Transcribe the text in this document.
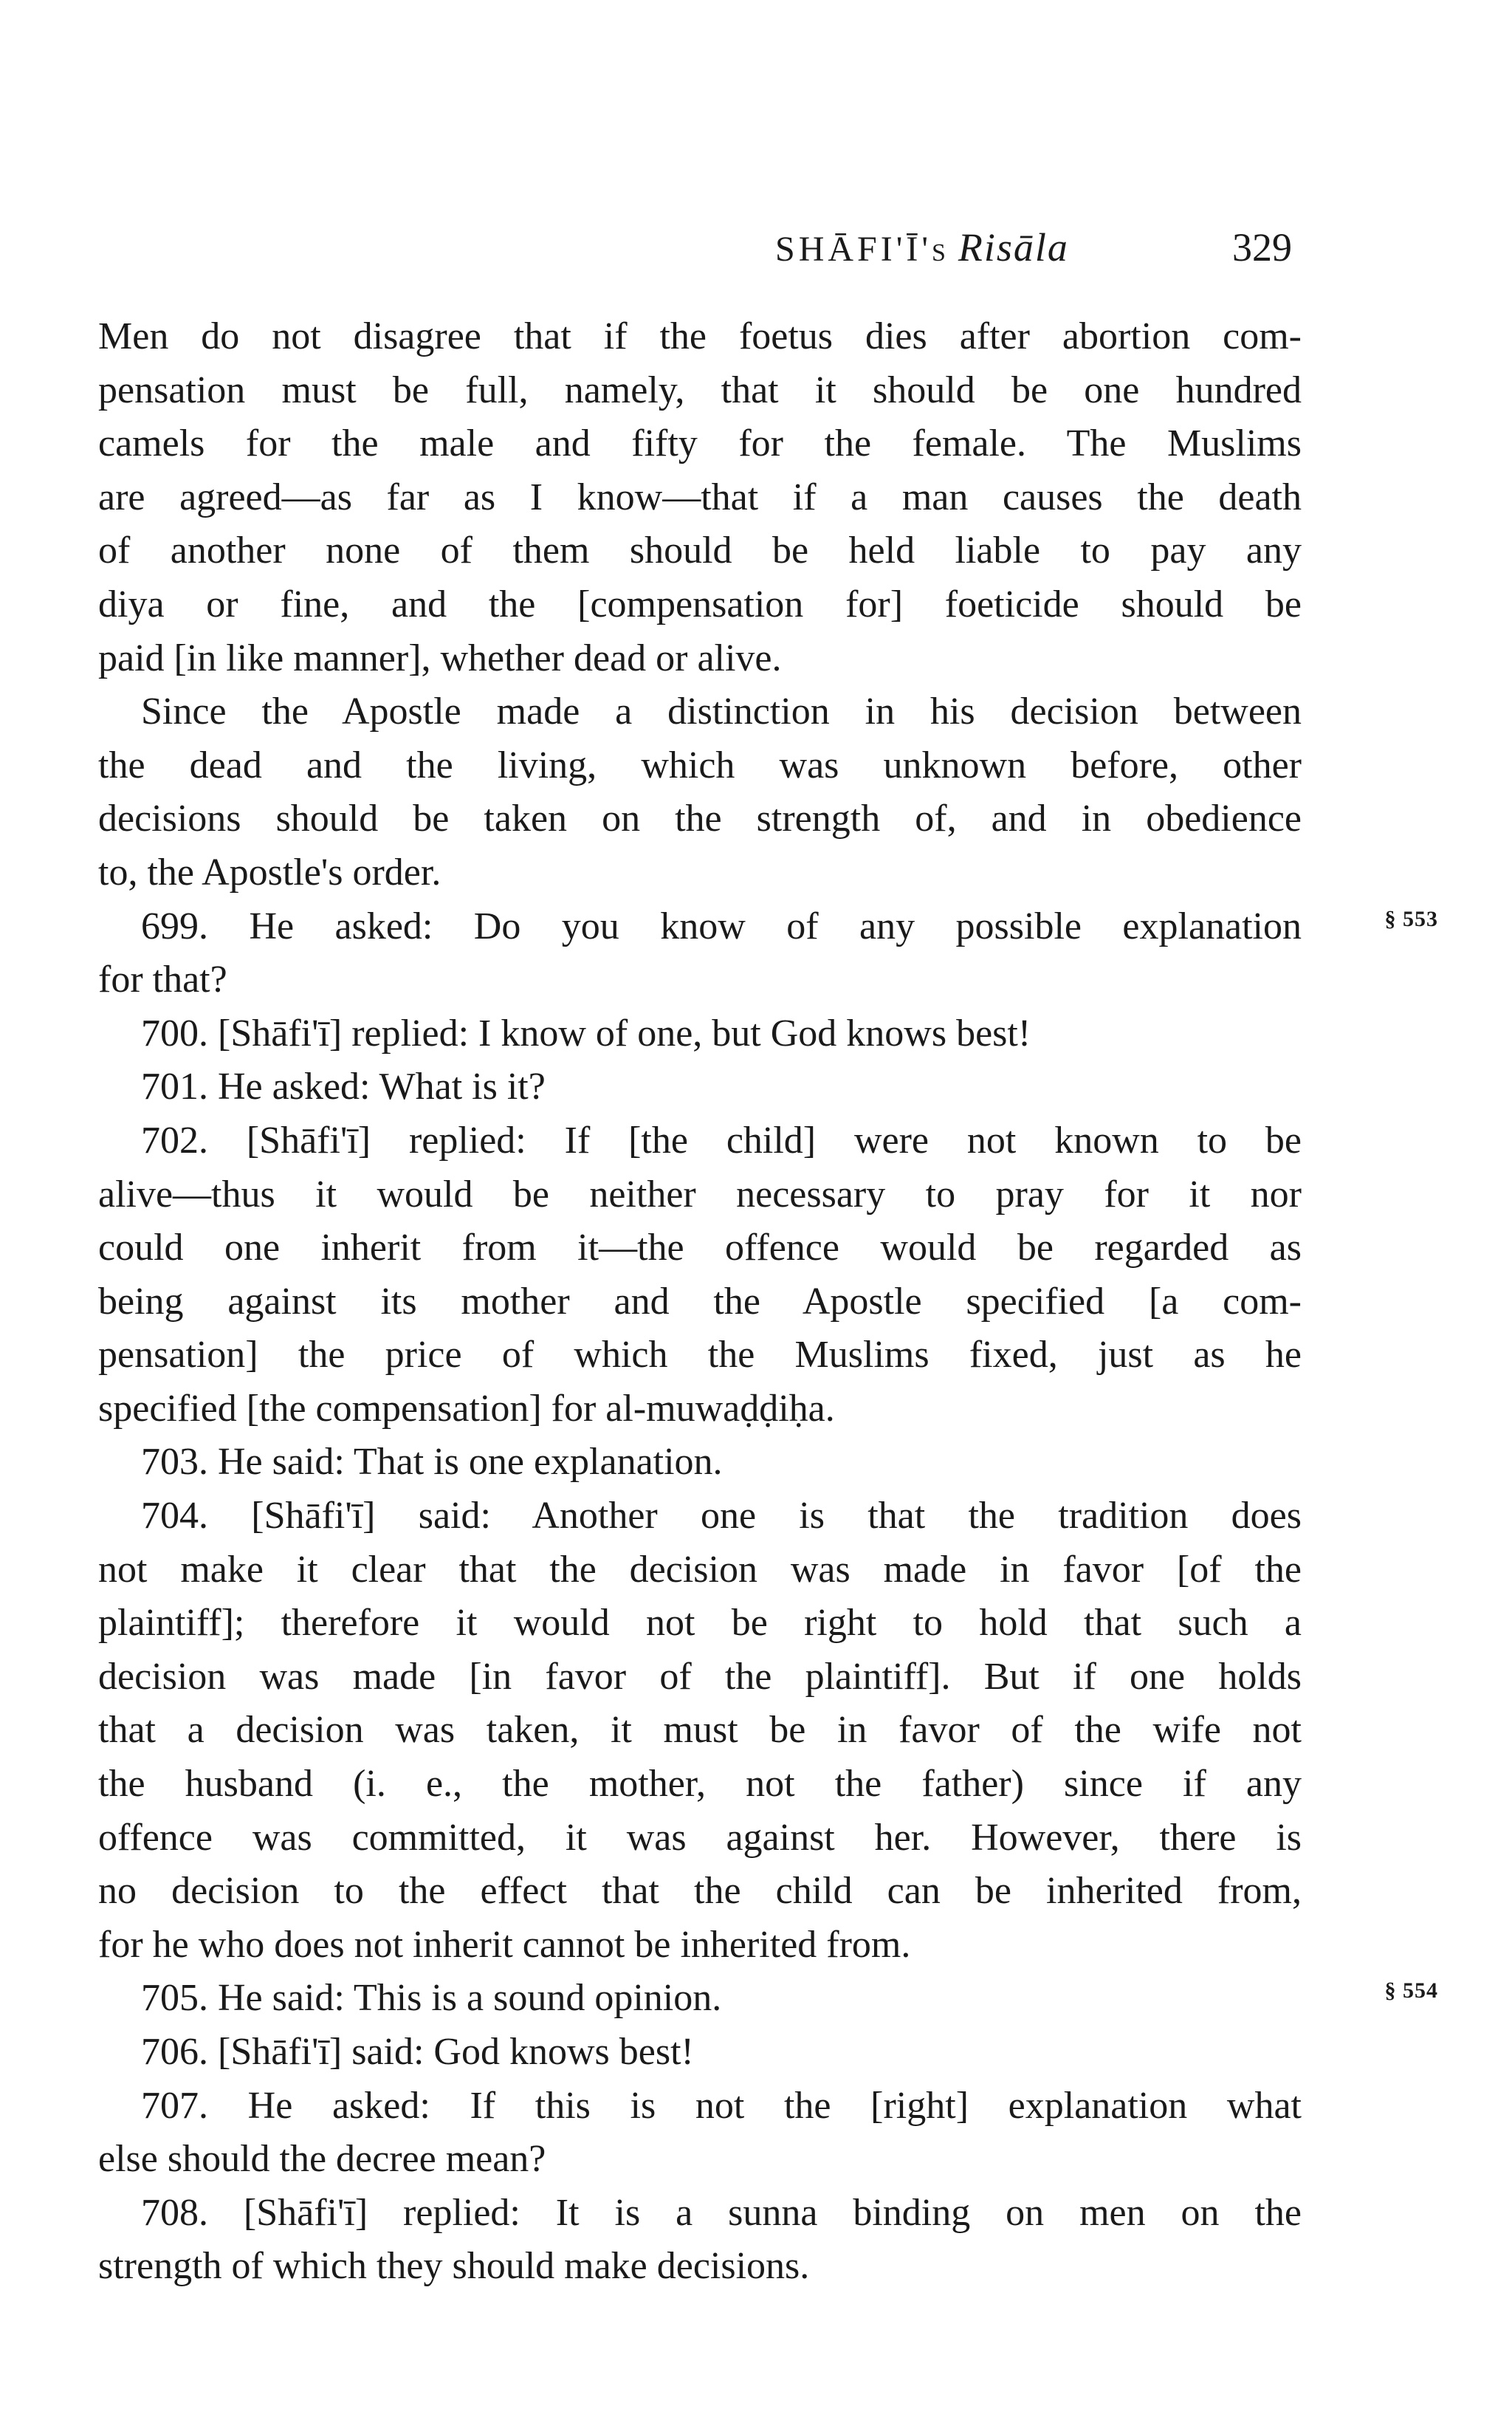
SHĀFI'Ī's Risāla	329
Men do not disagree that if the foetus dies after abortion com-
pensation must be full, namely, that it should be one hundred
camels for the male and fifty for the female. The Muslims
are agreed—as far as I know—that if a man causes the death
of another none of them should be held liable to pay any
diya or fine, and the [compensation for] foeticide should be
paid [in like manner], whether dead or alive.
Since the Apostle made a distinction in his decision between
the dead and the living, which was unknown before, other
decisions should be taken on the strength of, and in obedience
to, the Apostle's order.
699. He asked: Do you know of any possible explanation
for that?
700. [Shāfi'ī] replied: I know of one, but God knows best!
701. He asked: What is it?
702. [Shāfi'ī] replied: If [the child] were not known to be
alive—thus it would be neither necessary to pray for it nor
could one inherit from it—the offence would be regarded as
being against its mother and the Apostle specified [a com-
pensation] the price of which the Muslims fixed, just as he
specified [the compensation] for al-muwaḍḍiḥa.
703. He said: That is one explanation.
704. [Shāfi'ī] said: Another one is that the tradition does
not make it clear that the decision was made in favor [of the
plaintiff]; therefore it would not be right to hold that such a
decision was made [in favor of the plaintiff]. But if one holds
that a decision was taken, it must be in favor of the wife not
the husband (i. e., the mother, not the father) since if any
offence was committed, it was against her. However, there is
no decision to the effect that the child can be inherited from,
for he who does not inherit cannot be inherited from.
705. He said: This is a sound opinion.
706. [Shāfi'ī] said: God knows best!
707. He asked: If this is not the [right] explanation what
else should the decree mean?
708. [Shāfi'ī] replied: It is a sunna binding on men on the
strength of which they should make decisions.
§ 553
§ 554
